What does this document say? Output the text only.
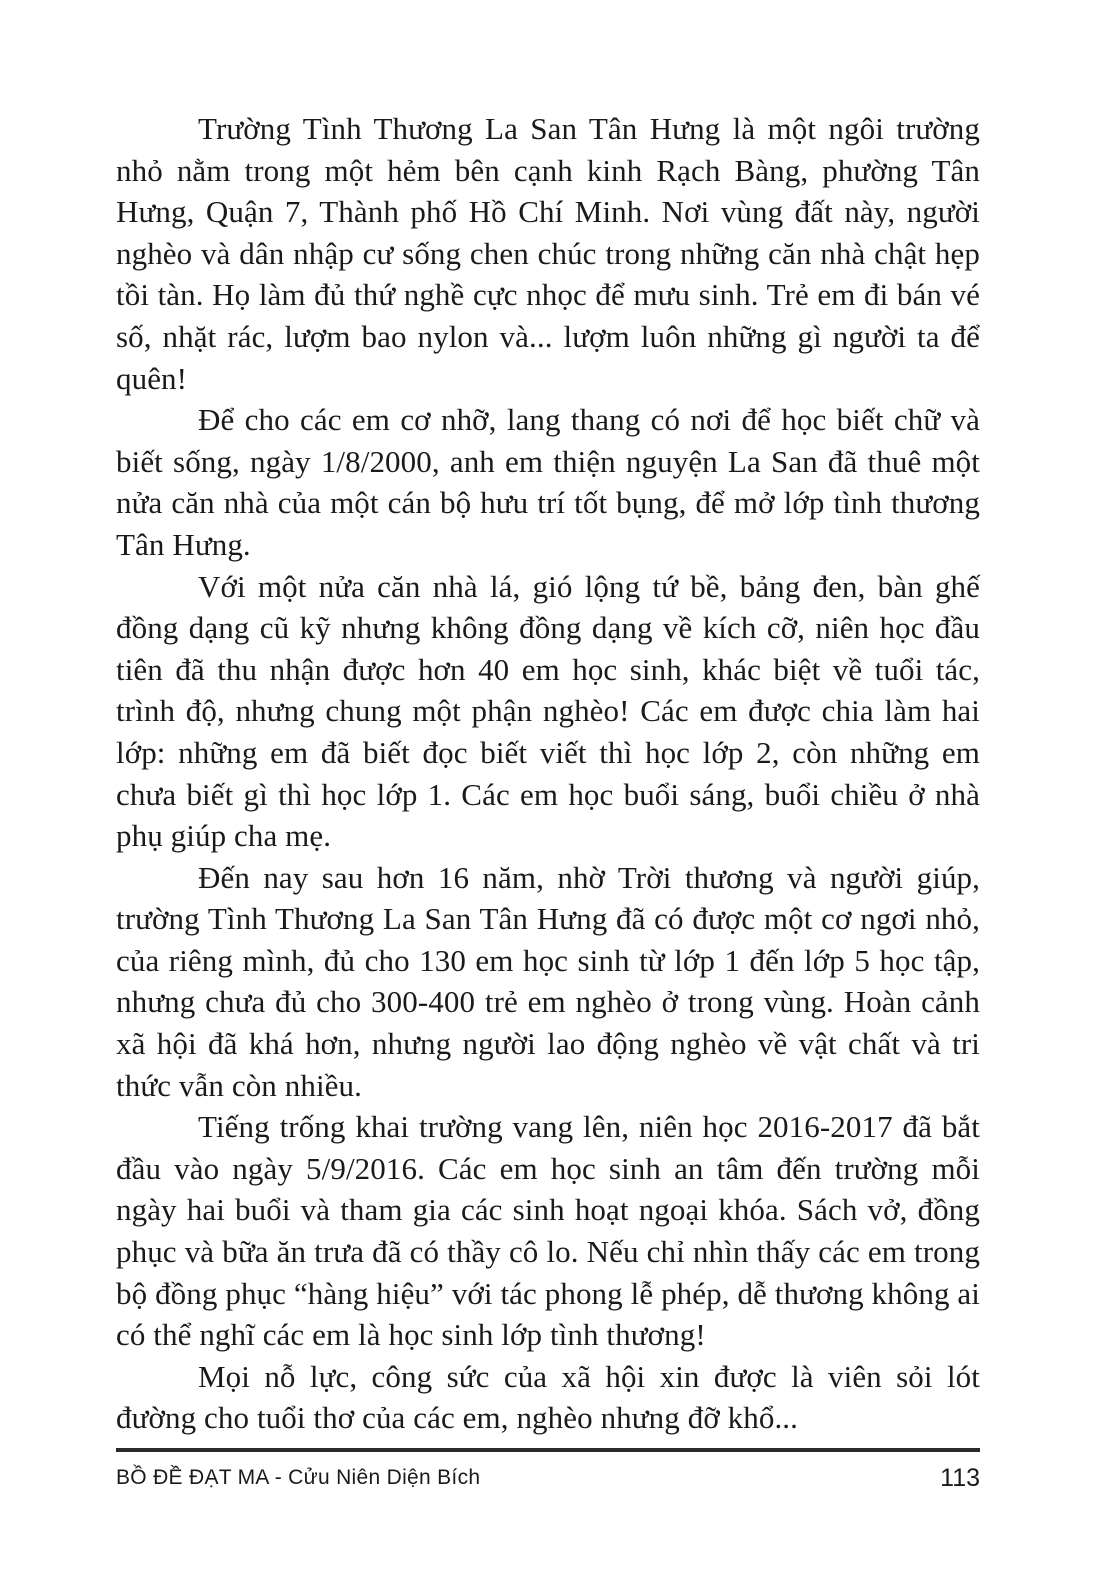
Trường Tình Thương La San Tân Hưng là một ngôi trường nhỏ nằm trong một hẻm bên cạnh kinh Rạch Bàng, phường Tân Hưng, Quận 7, Thành phố Hồ Chí Minh. Nơi vùng đất này, người nghèo và dân nhập cư sống chen chúc trong những căn nhà chật hẹp tồi tàn. Họ làm đủ thứ nghề cực nhọc để mưu sinh. Trẻ em đi bán vé số, nhặt rác, lượm bao nylon và... lượm luôn những gì người ta để quên!

Để cho các em cơ nhỡ, lang thang có nơi để học biết chữ và biết sống, ngày 1/8/2000, anh em thiện nguyện La San đã thuê một nửa căn nhà của một cán bộ hưu trí tốt bụng, để mở lớp tình thương Tân Hưng.

Với một nửa căn nhà lá, gió lộng tứ bề, bảng đen, bàn ghế đồng dạng cũ kỹ nhưng không đồng dạng về kích cỡ, niên học đầu tiên đã thu nhận được hơn 40 em học sinh, khác biệt về tuổi tác, trình độ, nhưng chung một phận nghèo! Các em được chia làm hai lớp: những em đã biết đọc biết viết thì học lớp 2, còn những em chưa biết gì thì học lớp 1. Các em học buổi sáng, buổi chiều ở nhà phụ giúp cha mẹ.

Đến nay sau hơn 16 năm, nhờ Trời thương và người giúp, trường Tình Thương La San Tân Hưng đã có được một cơ ngơi nhỏ, của riêng mình, đủ cho 130 em học sinh từ lớp 1 đến lớp 5 học tập, nhưng chưa đủ cho 300-400 trẻ em nghèo ở trong vùng. Hoàn cảnh xã hội đã khá hơn, nhưng người lao động nghèo về vật chất và tri thức vẫn còn nhiều.

Tiếng trống khai trường vang lên, niên học 2016-2017 đã bắt đầu vào ngày 5/9/2016. Các em học sinh an tâm đến trường mỗi ngày hai buổi và tham gia các sinh hoạt ngoại khóa. Sách vở, đồng phục và bữa ăn trưa đã có thầy cô lo. Nếu chỉ nhìn thấy các em trong bộ đồng phục “hàng hiệu” với tác phong lễ phép, dễ thương không ai có thể nghĩ các em là học sinh lớp tình thương!

Mọi nỗ lực, công sức của xã hội xin được là viên sỏi lót đường cho tuổi thơ của các em, nghèo nhưng đỡ khổ...

BỒ ĐỀ ĐẠT MA - Cửu Niên Diện Bích	113
